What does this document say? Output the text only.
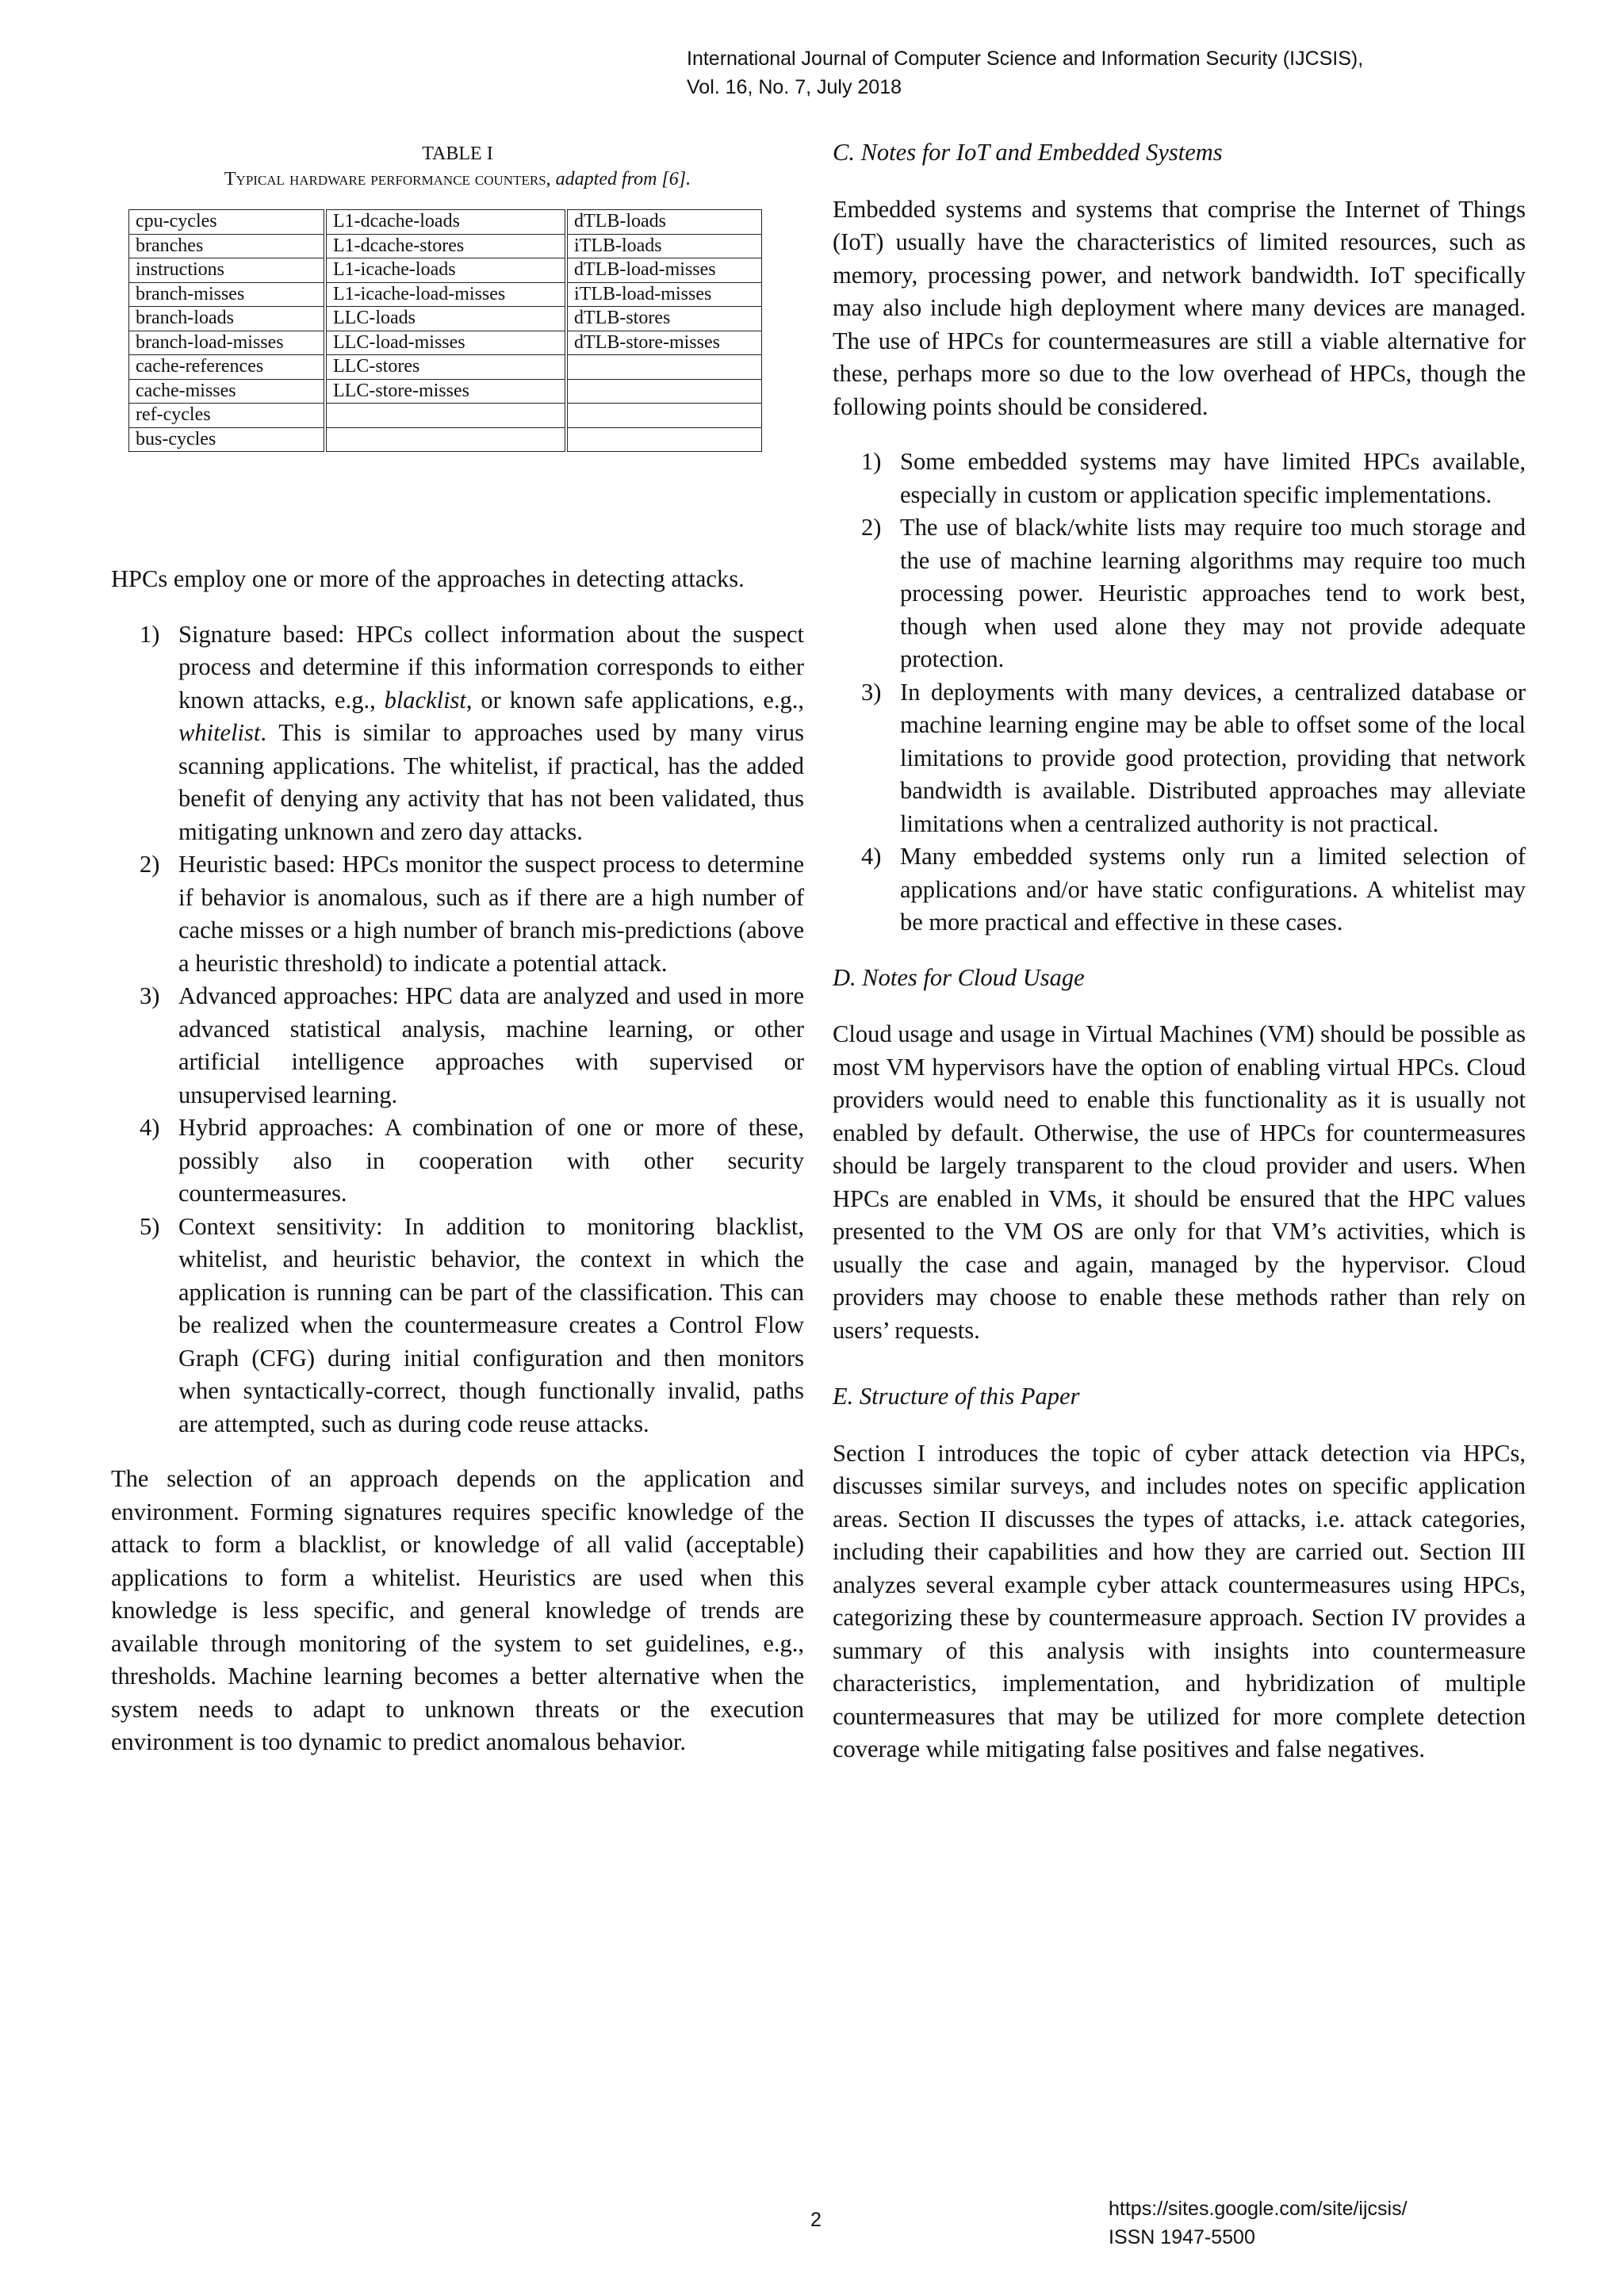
International Journal of Computer Science and Information Security (IJCSIS),
Vol. 16, No. 7, July 2018
TABLE I
Typical hardware performance counters, adapted from [6].
cpu-cycles	L1-dcache-loads	dTLB-loads
branches	L1-dcache-stores	iTLB-loads
instructions	L1-icache-loads	dTLB-load-misses
branch-misses	L1-icache-load-misses	iTLB-load-misses
branch-loads	LLC-loads	dTLB-stores
branch-load-misses	LLC-load-misses	dTLB-store-misses
cache-references	LLC-stores	
cache-misses	LLC-store-misses	
ref-cycles		
bus-cycles		

HPCs employ one or more of the approaches in detecting attacks.

1) Signature based: HPCs collect information about the suspect process and determine if this information corresponds to either known attacks, e.g., blacklist, or known safe applications, e.g., whitelist. This is similar to approaches used by many virus scanning applications. The whitelist, if practical, has the added benefit of denying any activity that has not been validated, thus mitigating unknown and zero day attacks.
2) Heuristic based: HPCs monitor the suspect process to determine if behavior is anomalous, such as if there are a high number of cache misses or a high number of branch mis-predictions (above a heuristic threshold) to indicate a potential attack.
3) Advanced approaches: HPC data are analyzed and used in more advanced statistical analysis, machine learning, or other artificial intelligence approaches with supervised or unsupervised learning.
4) Hybrid approaches: A combination of one or more of these, possibly also in cooperation with other security countermeasures.
5) Context sensitivity: In addition to monitoring blacklist, whitelist, and heuristic behavior, the context in which the application is running can be part of the classification. This can be realized when the countermeasure creates a Control Flow Graph (CFG) during initial configuration and then monitors when syntactically-correct, though functionally invalid, paths are attempted, such as during code reuse attacks.

The selection of an approach depends on the application and environment. Forming signatures requires specific knowledge of the attack to form a blacklist, or knowledge of all valid (acceptable) applications to form a whitelist. Heuristics are used when this knowledge is less specific, and general knowledge of trends are available through monitoring of the system to set guidelines, e.g., thresholds. Machine learning becomes a better alternative when the system needs to adapt to unknown threats or the execution environment is too dynamic to predict anomalous behavior.

C. Notes for IoT and Embedded Systems

Embedded systems and systems that comprise the Internet of Things (IoT) usually have the characteristics of limited resources, such as memory, processing power, and network bandwidth. IoT specifically may also include high deployment where many devices are managed. The use of HPCs for countermeasures are still a viable alternative for these, perhaps more so due to the low overhead of HPCs, though the following points should be considered.

1) Some embedded systems may have limited HPCs available, especially in custom or application specific implementations.
2) The use of black/white lists may require too much storage and the use of machine learning algorithms may require too much processing power. Heuristic approaches tend to work best, though when used alone they may not provide adequate protection.
3) In deployments with many devices, a centralized database or machine learning engine may be able to offset some of the local limitations to provide good protection, providing that network bandwidth is available. Distributed approaches may alleviate limitations when a centralized authority is not practical.
4) Many embedded systems only run a limited selection of applications and/or have static configurations. A whitelist may be more practical and effective in these cases.

D. Notes for Cloud Usage

Cloud usage and usage in Virtual Machines (VM) should be possible as most VM hypervisors have the option of enabling virtual HPCs. Cloud providers would need to enable this functionality as it is usually not enabled by default. Otherwise, the use of HPCs for countermeasures should be largely transparent to the cloud provider and users. When HPCs are enabled in VMs, it should be ensured that the HPC values presented to the VM OS are only for that VM’s activities, which is usually the case and again, managed by the hypervisor. Cloud providers may choose to enable these methods rather than rely on users’ requests.

E. Structure of this Paper

Section I introduces the topic of cyber attack detection via HPCs, discusses similar surveys, and includes notes on specific application areas. Section II discusses the types of attacks, i.e. attack categories, including their capabilities and how they are carried out. Section III analyzes several example cyber attack countermeasures using HPCs, categorizing these by countermeasure approach. Section IV provides a summary of this analysis with insights into countermeasure characteristics, implementation, and hybridization of multiple countermeasures that may be utilized for more complete detection coverage while mitigating false positives and false negatives.

2	https://sites.google.com/site/ijcsis/
ISSN 1947-5500
